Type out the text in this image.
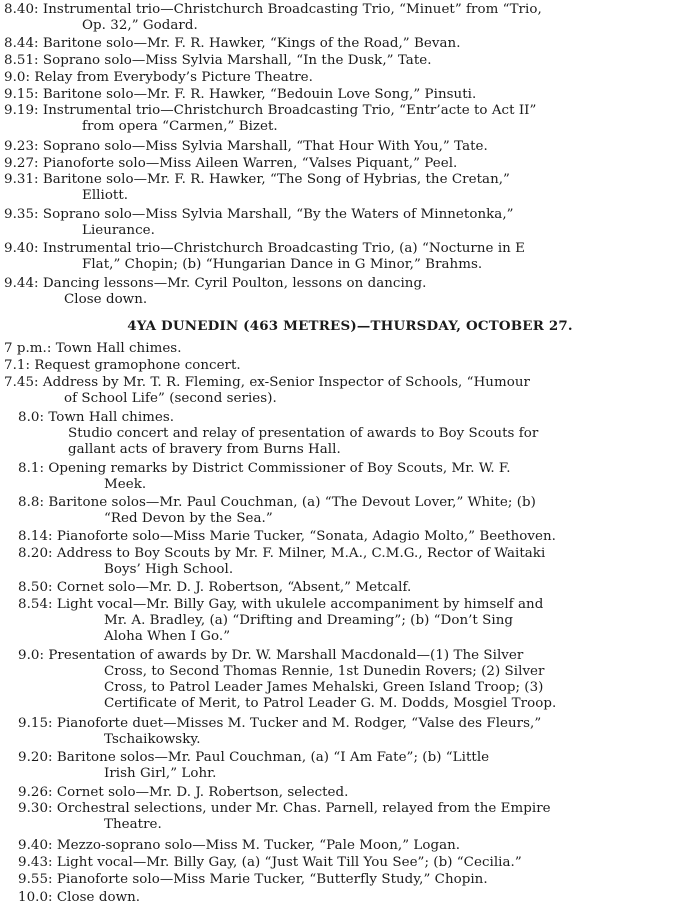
8.40: Instrumental trio—Christchurch Broadcasting Trio, “Minuet” from “Trio,
Op. 32,” Godard.
8.44: Baritone solo—Mr. F. R. Hawker, “Kings of the Road,” Bevan.
8.51: Soprano solo—Miss Sylvia Marshall, “In the Dusk,” Tate.
9.0: Relay from Everybody’s Picture Theatre.
9.15: Baritone solo—Mr. F. R. Hawker, “Bedouin Love Song,” Pinsuti.
9.19: Instrumental trio—Christchurch Broadcasting Trio, “Entr’acte to Act II”
from opera “Carmen,” Bizet.
9.23: Soprano solo—Miss Sylvia Marshall, “That Hour With You,” Tate.
9.27: Pianoforte solo—Miss Aileen Warren, “Valses Piquant,” Peel.
9.31: Baritone solo—Mr. F. R. Hawker, “The Song of Hybrias, the Cretan,”
Elliott.
9.35: Soprano solo—Miss Sylvia Marshall, “By the Waters of Minnetonka,”
Lieurance.
9.40: Instrumental trio—Christchurch Broadcasting Trio, (a) “Nocturne in E
Flat,” Chopin; (b) “Hungarian Dance in G Minor,” Brahms.
9.44: Dancing lessons—Mr. Cyril Poulton, lessons on dancing.
Close down.
4YA DUNEDIN (463 METRES)—THURSDAY, OCTOBER 27.
7 p.m.: Town Hall chimes.
7.1: Request gramophone concert.
7.45: Address by Mr. T. R. Fleming, ex-Senior Inspector of Schools, “Humour
of School Life” (second series).
8.0: Town Hall chimes.
Studio concert and relay of presentation of awards to Boy Scouts for
gallant acts of bravery from Burns Hall.
8.1: Opening remarks by District Commissioner of Boy Scouts, Mr. W. F.
Meek.
8.8: Baritone solos—Mr. Paul Couchman, (a) “The Devout Lover,” White; (b)
“Red Devon by the Sea.”
8.14: Pianoforte solo—Miss Marie Tucker, “Sonata, Adagio Molto,” Beethoven.
8.20: Address to Boy Scouts by Mr. F. Milner, M.A., C.M.G., Rector of Waitaki
Boys’ High School.
8.50: Cornet solo—Mr. D. J. Robertson, “Absent,” Metcalf.
8.54: Light vocal—Mr. Billy Gay, with ukulele accompaniment by himself and
Mr. A. Bradley, (a) “Drifting and Dreaming”; (b) “Don’t Sing
Aloha When I Go.”
9.0: Presentation of awards by Dr. W. Marshall Macdonald—(1) The Silver
Cross, to Second Thomas Rennie, 1st Dunedin Rovers; (2) Silver
Cross, to Patrol Leader James Mehalski, Green Island Troop; (3)
Certificate of Merit, to Patrol Leader G. M. Dodds, Mosgiel Troop.
9.15: Pianoforte duet—Misses M. Tucker and M. Rodger, “Valse des Fleurs,”
Tschaikowsky.
9.20: Baritone solos—Mr. Paul Couchman, (a) “I Am Fate”; (b) “Little
Irish Girl,” Lohr.
9.26: Cornet solo—Mr. D. J. Robertson, selected.
9.30: Orchestral selections, under Mr. Chas. Parnell, relayed from the Empire
Theatre.
9.40: Mezzo-soprano solo—Miss M. Tucker, “Pale Moon,” Logan.
9.43: Light vocal—Mr. Billy Gay, (a) “Just Wait Till You See”; (b) “Cecilia.”
9.55: Pianoforte solo—Miss Marie Tucker, “Butterfly Study,” Chopin.
10.0: Close down.
